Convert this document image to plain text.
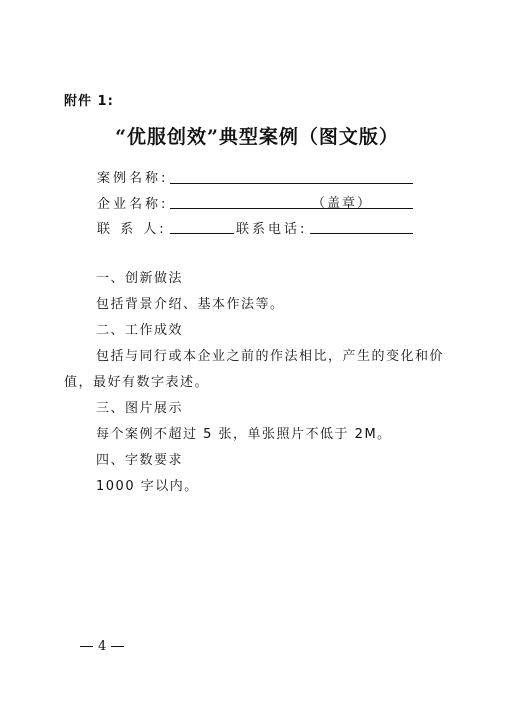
附件 1:
“优服创效”典型案例（图文版）
案例名称:
企业名称:	（盖章）
联 系 人:	联系电话:
一、创新做法
包括背景介绍、基本作法等。
二、工作成效
包括与同行或本企业之前的作法相比，产生的变化和价
值，最好有数字表述。
三、图片展示
每个案例不超过 5 张，单张照片不低于 2M。
四、字数要求
1000 字以内。
4
